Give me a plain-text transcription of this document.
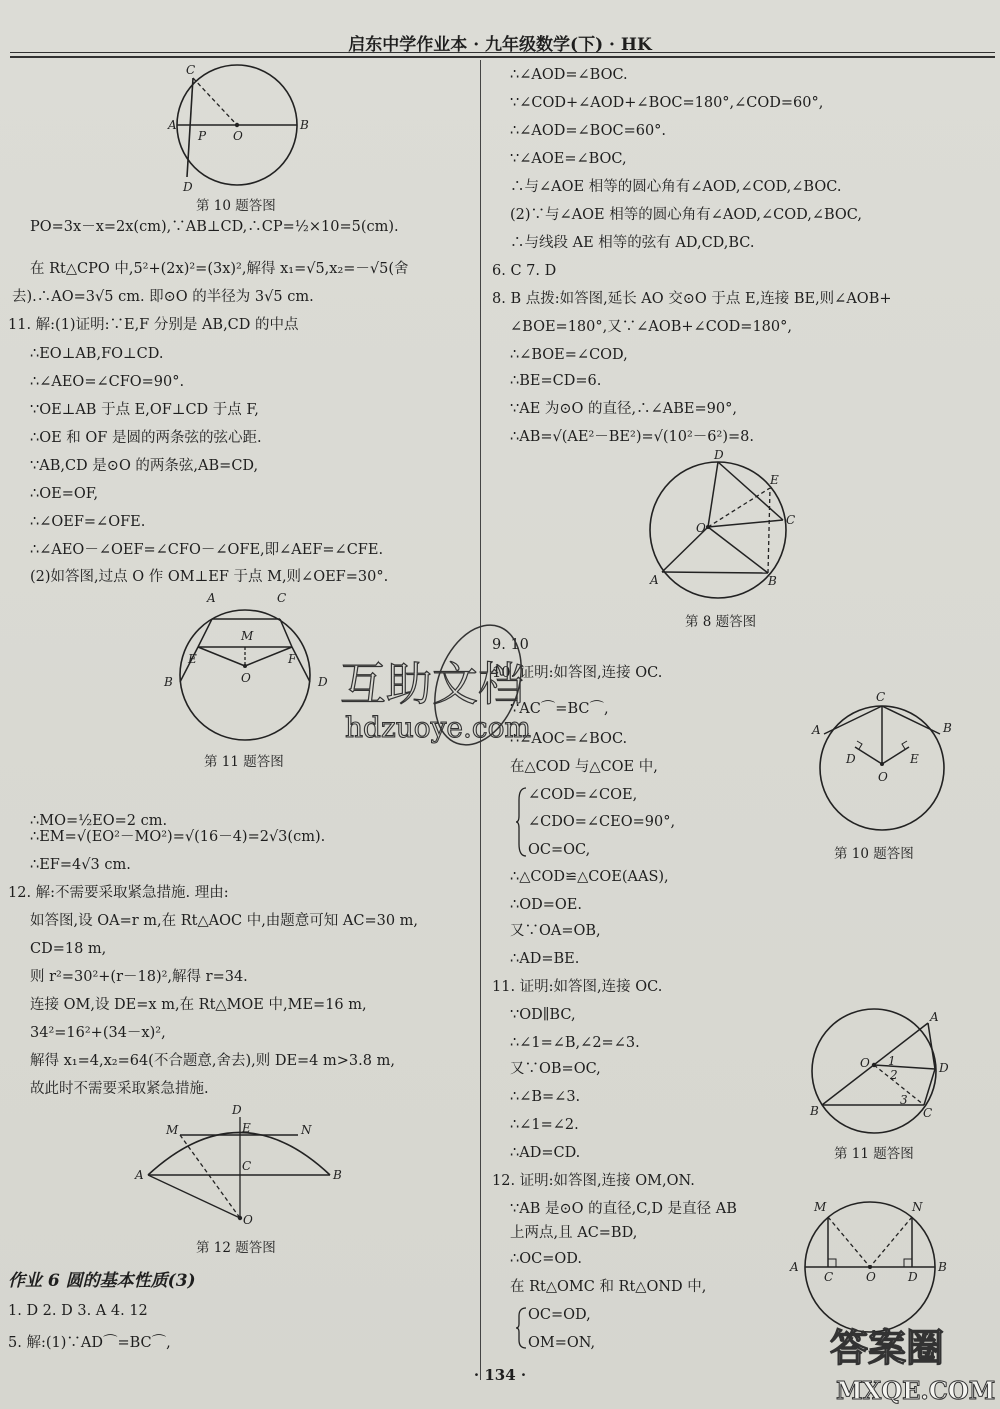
启东中学作业本 · 九年级数学(下) · HK
A	B
C
D
P O
第 10 题答图
PO=3x－x=2x(cm),∵AB⊥CD,∴CP=½×10=5(cm).
在 Rt△CPO 中,5²+(2x)²=(3x)²,解得 x₁=√5,x₂=－√5(舍
去).∴AO=3√5 cm. 即⊙O 的半径为 3√5 cm.
11. 解:(1)证明:∵E,F 分别是 AB,CD 的中点
∴EO⊥AB,FO⊥CD.
∴∠AEO=∠CFO=90°.
∵OE⊥AB 于点 E,OF⊥CD 于点 F,
∴OE 和 OF 是圆的两条弦的弦心距.
∵AB,CD 是⊙O 的两条弦,AB=CD,
∴OE=OF,
∴∠OEF=∠OFE.
∴∠AEO－∠OEF=∠CFO－∠OFE,即∠AEF=∠CFE.
(2)如答图,过点 O 作 OM⊥EF 于点 M,则∠OEF=30°.
A	C
B	D
E	F
M
O
第 11 题答图
∴MO=½EO=2 cm.
∴EM=√(EO²－MO²)=√(16－4)=2√3(cm).
∴EF=4√3 cm.
12. 解:不需要采取紧急措施. 理由:
如答图,设 OA=r m,在 Rt△AOC 中,由题意可知 AC=30 m,
CD=18 m,
则 r²=30²+(r－18)²,解得 r=34.
连接 OM,设 DE=x m,在 Rt△MOE 中,ME=16 m,
34²=16²+(34－x)²,
解得 x₁=4,x₂=64(不合题意,舍去),则 DE=4 m>3.8 m,
故此时不需要采取紧急措施.
D
M	N
E
C
A	B
O
第 12 题答图
作业 6 圆的基本性质(3)
1. D 2. D 3. A 4. 12
5. 解:(1)∵AD⌒=BC⌒,
∴∠AOD=∠BOC.
∵∠COD+∠AOD+∠BOC=180°,∠COD=60°,
∴∠AOD=∠BOC=60°.
∵∠AOE=∠BOC,
∴与∠AOE 相等的圆心角有∠AOD,∠COD,∠BOC.
(2)∵与∠AOE 相等的圆心角有∠AOD,∠COD,∠BOC,
∴与线段 AE 相等的弦有 AD,CD,BC.
6. C 7. D
8. B 点拨:如答图,延长 AO 交⊙O 于点 E,连接 BE,则∠AOB+
∠BOE=180°,又∵∠AOB+∠COD=180°,
∴∠BOE=∠COD,
∴BE=CD=6.
∵AE 为⊙O 的直径,∴∠ABE=90°,
∴AB=√(AE²－BE²)=√(10²－6²)=8.
D
E
C
O
A	B
第 8 题答图
9. 10
10. 证明:如答图,连接 OC.
∵AC⌒=BC⌒,
∴∠AOC=∠BOC.
在△COD 与△COE 中,
∠COD=∠COE,
∠CDO=∠CEO=90°,
OC=OC,
∴△COD≌△COE(AAS),
∴OD=OE.
又∵OA=OB,
∴AD=BE.
11. 证明:如答图,连接 OC.
∵OD∥BC,
∴∠1=∠B,∠2=∠3.
又∵OB=OC,
∴∠B=∠3.
∴∠1=∠2.
∴AD=CD.
12. 证明:如答图,连接 OM,ON.
∵AB 是⊙O 的直径,C,D 是直径 AB
上两点,且 AC=BD,
∴OC=OD.
在 Rt△OMC 和 Rt△OND 中,
OC=OD,
OM=ON,
C
A	B
D	E
O
第 10 题答图
A
D
C
B
O 1
2
3
第 11 题答图
M	N
A	B
C	O	D
互助文档
hdzuoye.com
· 134 ·
答案圈
MXQE.COM
